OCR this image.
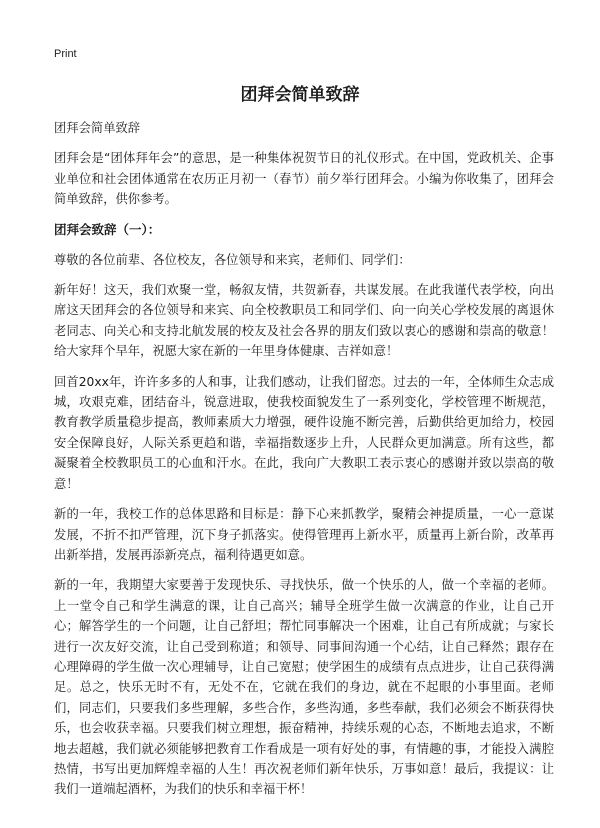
Print
团拜会简单致辞

团拜会简单致辞

团拜会是“团体拜年会”的意思，是一种集体祝贺节日的礼仪形式。在中国，党政机关、企事业单位和社会团体通常在农历正月初一（春节）前夕举行团拜会。小编为你收集了，团拜会简单致辞，供你参考。

团拜会致辞（一）：

尊敬的各位前辈、各位校友，各位领导和来宾，老师们、同学们：

新年好！这天，我们欢聚一堂，畅叙友情，共贺新春，共谋发展。在此我谨代表学校，向出席这天团拜会的各位领导和来宾、向全校教职员工和同学们、向一向关心学校发展的离退休老同志、向关心和支持北航发展的校友及社会各界的朋友们致以衷心的感谢和崇高的敬意！给大家拜个早年，祝愿大家在新的一年里身体健康、吉祥如意！

回首20xx年，许许多多的人和事，让我们感动，让我们留恋。过去的一年，全体师生众志成城，攻艰克难，团结奋斗，锐意进取，使我校面貌发生了一系列变化，学校管理不断规范，教育教学质量稳步提高，教师素质大力增强，硬件设施不断完善，后勤供给更加给力，校园安全保障良好，人际关系更趋和谐，幸福指数逐步上升，人民群众更加满意。所有这些，都凝聚着全校教职员工的心血和汗水。在此，我向广大教职工表示衷心的感谢并致以崇高的敬意！

新的一年，我校工作的总体思路和目标是：静下心来抓教学，聚精会神提质量，一心一意谋发展，不折不扣严管理，沉下身子抓落实。使得管理再上新水平，质量再上新台阶，改革再出新举措，发展再添新亮点，福利待遇更如意。

新的一年，我期望大家要善于发现快乐、寻找快乐，做一个快乐的人，做一个幸福的老师。上一堂令自己和学生满意的课，让自己高兴；辅导全班学生做一次满意的作业，让自己开心；解答学生的一个问题，让自己舒坦；帮忙同事解决一个困难，让自己有所成就；与家长进行一次友好交流，让自己受到称道；和领导、同事间沟通一个心结，让自己释然；跟存在心理障碍的学生做一次心理辅导，让自己宽慰；使学困生的成绩有点点进步，让自己获得满足。总之，快乐无时不有，无处不在，它就在我们的身边，就在不起眼的小事里面。老师们，同志们，只要我们多些理解，多些合作，多些沟通，多些奉献，我们必须会不断获得快乐，也会收获幸福。只要我们树立理想，振奋精神，持续乐观的心态，不断地去追求，不断地去超越，我们就必须能够把教育工作看成是一项有好处的事，有情趣的事，才能投入满腔热情，书写出更加辉煌幸福的人生！再次祝老师们新年快乐，万事如意！最后，我提议：让我们一道端起酒杯，为我们的快乐和幸福干杯！
